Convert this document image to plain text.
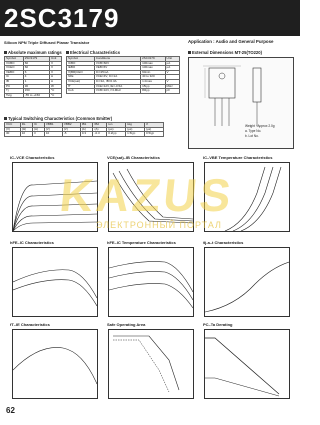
2SC3179
Silicon NPN Triple Diffused Planar Transistor	Application : Audio and General Purpose
Absolute maximum ratings
Symbol	2SC3179	Unit
VCBO	60	V
VCEO	60	V
VEBO	6	V
IC	4	A
IB	1	A
PC	30	W
Tj	150	°C
Tstg	-55 to +150	°C
Electrical Characteristics
Symbol	Conditions	2SC3179	Unit
ICBO	VCB=60V	100max	µA
IEBO	VEB=6V	100max	µA
V(BR)CEO	IC=25mA	60min	V
hFE	VCE=4V, IC=1A	40 to 320	
VCE(sat)	IC=3A, IB=0.3A	1.0max	V
fT	VCE=12V, IE=-0.5A	15typ	MHz
Cob	VCB=10V, f=1MHz	80typ	pF
External Dimensions MT-25(TO220)
Weight : Approx 2.0g
a. Type No.
b. Lot No.
Typical Switching Characteristics (Common Emitter)
VCC	RL	IC	VBB1	VBB2	IB1	IB2	ton	tstg	tf
(V)	(Ω)	(A)	(V)	(V)	(A)	(A)	(µs)	(µs)	(µs)
30	10	3	10	-5	0.3	-0.3	0.2typ	1.5typ	0.5typ
IC–VCE Characteristics	VCE(sat)–IB Characteristics	IC–VBE Temperature Characteristics
hFE–IC Characteristics	hFE–IC Temperature Characteristics	θj-a–t Characteristics
fT–IE Characteristics	Safe Operating Area	PC–Ta Derating
KAZUS
ЭЛЕКТРОННЫЙ ПОРТАЛ
62
